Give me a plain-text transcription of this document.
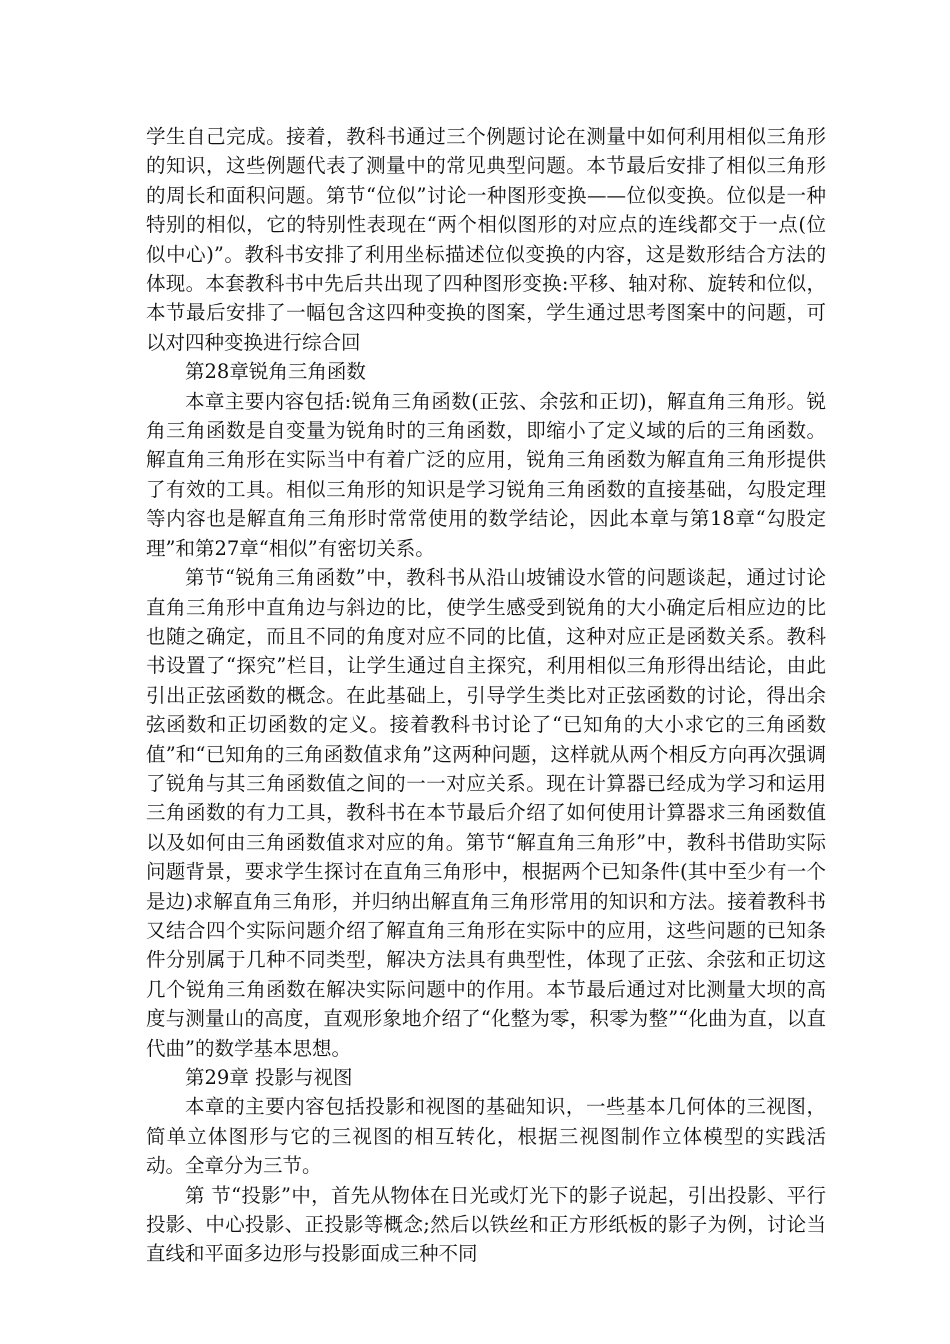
学生自己完成。接着，教科书通过三个例题讨论在测量中如何利用相似三角形的知识，这些例题代表了测量中的常见典型问题。本节最后安排了相似三角形的周长和面积问题。第节“位似”讨论一种图形变换——位似变换。位似是一种特别的相似，它的特别性表现在“两个相似图形的对应点的连线都交于一点(位似中心)”。教科书安排了利用坐标描述位似变换的内容，这是数形结合方法的体现。本套教科书中先后共出现了四种图形变换:平移、轴对称、旋转和位似，本节最后安排了一幅包含这四种变换的图案，学生通过思考图案中的问题，可以对四种变换进行综合回

第28章锐角三角函数

本章主要内容包括:锐角三角函数(正弦、余弦和正切)，解直角三角形。锐角三角函数是自变量为锐角时的三角函数，即缩小了定义域的后的三角函数。解直角三角形在实际当中有着广泛的应用，锐角三角函数为解直角三角形提供了有效的工具。相似三角形的知识是学习锐角三角函数的直接基础，勾股定理等内容也是解直角三角形时常常使用的数学结论，因此本章与第18章“勾股定理”和第27章“相似”有密切关系。

第节“锐角三角函数”中，教科书从沿山坡铺设水管的问题谈起，通过讨论直角三角形中直角边与斜边的比，使学生感受到锐角的大小确定后相应边的比也随之确定，而且不同的角度对应不同的比值，这种对应正是函数关系。教科书设置了“探究”栏目，让学生通过自主探究，利用相似三角形得出结论，由此引出正弦函数的概念。在此基础上，引导学生类比对正弦函数的讨论，得出余弦函数和正切函数的定义。接着教科书讨论了“已知角的大小求它的三角函数值”和“已知角的三角函数值求角”这两种问题，这样就从两个相反方向再次强调了锐角与其三角函数值之间的一一对应关系。现在计算器已经成为学习和运用三角函数的有力工具，教科书在本节最后介绍了如何使用计算器求三角函数值以及如何由三角函数值求对应的角。第节“解直角三角形”中，教科书借助实际问题背景，要求学生探讨在直角三角形中，根据两个已知条件(其中至少有一个是边)求解直角三角形，并归纳出解直角三角形常用的知识和方法。接着教科书又结合四个实际问题介绍了解直角三角形在实际中的应用，这些问题的已知条件分别属于几种不同类型，解决方法具有典型性，体现了正弦、余弦和正切这几个锐角三角函数在解决实际问题中的作用。本节最后通过对比测量大坝的高度与测量山的高度，直观形象地介绍了“化整为零，积零为整”“化曲为直，以直代曲”的数学基本思想。

第29章 投影与视图

本章的主要内容包括投影和视图的基础知识，一些基本几何体的三视图，简单立体图形与它的三视图的相互转化，根据三视图制作立体模型的实践活动。全章分为三节。

第 节“投影”中，首先从物体在日光或灯光下的影子说起，引出投影、平行投影、中心投影、正投影等概念;然后以铁丝和正方形纸板的影子为例，讨论当直线和平面多边形与投影面成三种不同
